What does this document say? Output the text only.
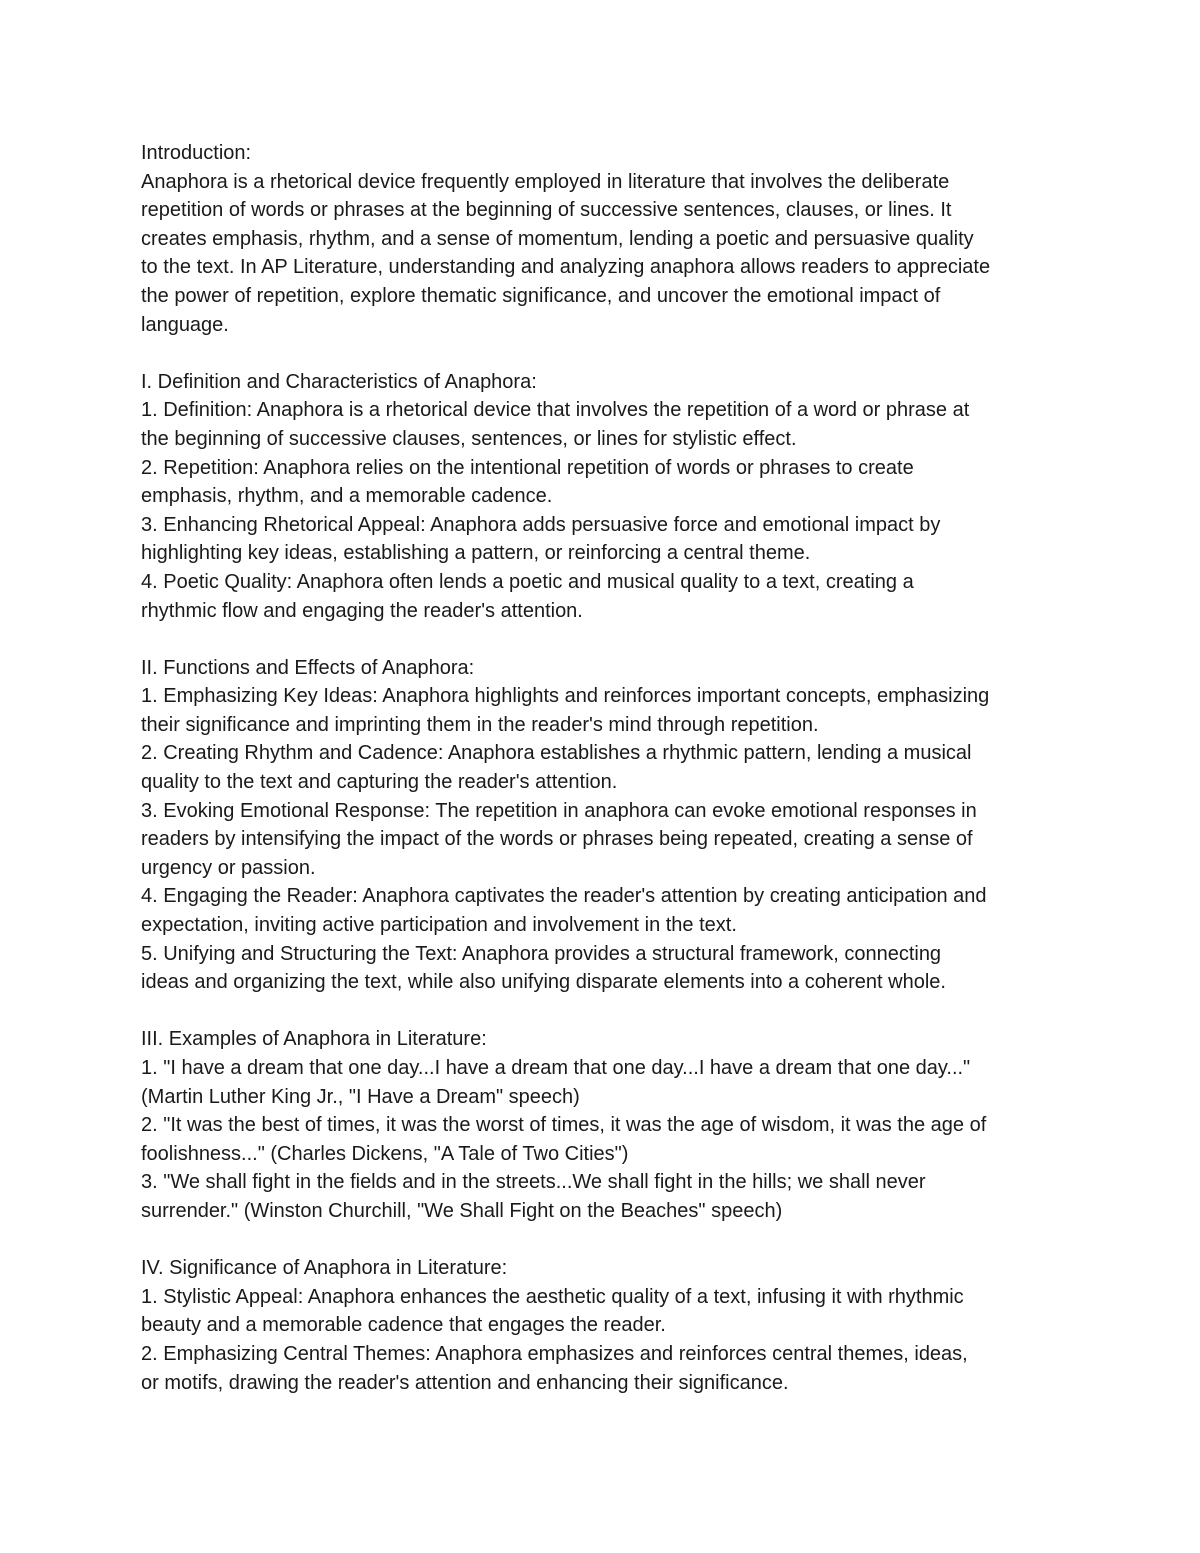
Introduction:
Anaphora is a rhetorical device frequently employed in literature that involves the deliberate
repetition of words or phrases at the beginning of successive sentences, clauses, or lines. It
creates emphasis, rhythm, and a sense of momentum, lending a poetic and persuasive quality
to the text. In AP Literature, understanding and analyzing anaphora allows readers to appreciate
the power of repetition, explore thematic significance, and uncover the emotional impact of
language.
I. Definition and Characteristics of Anaphora:
1. Definition: Anaphora is a rhetorical device that involves the repetition of a word or phrase at
the beginning of successive clauses, sentences, or lines for stylistic effect.
2. Repetition: Anaphora relies on the intentional repetition of words or phrases to create
emphasis, rhythm, and a memorable cadence.
3. Enhancing Rhetorical Appeal: Anaphora adds persuasive force and emotional impact by
highlighting key ideas, establishing a pattern, or reinforcing a central theme.
4. Poetic Quality: Anaphora often lends a poetic and musical quality to a text, creating a
rhythmic flow and engaging the reader's attention.
II. Functions and Effects of Anaphora:
1. Emphasizing Key Ideas: Anaphora highlights and reinforces important concepts, emphasizing
their significance and imprinting them in the reader's mind through repetition.
2. Creating Rhythm and Cadence: Anaphora establishes a rhythmic pattern, lending a musical
quality to the text and capturing the reader's attention.
3. Evoking Emotional Response: The repetition in anaphora can evoke emotional responses in
readers by intensifying the impact of the words or phrases being repeated, creating a sense of
urgency or passion.
4. Engaging the Reader: Anaphora captivates the reader's attention by creating anticipation and
expectation, inviting active participation and involvement in the text.
5. Unifying and Structuring the Text: Anaphora provides a structural framework, connecting
ideas and organizing the text, while also unifying disparate elements into a coherent whole.
III. Examples of Anaphora in Literature:
1. "I have a dream that one day...I have a dream that one day...I have a dream that one day..."
(Martin Luther King Jr., "I Have a Dream" speech)
2. "It was the best of times, it was the worst of times, it was the age of wisdom, it was the age of
foolishness..." (Charles Dickens, "A Tale of Two Cities")
3. "We shall fight in the fields and in the streets...We shall fight in the hills; we shall never
surrender." (Winston Churchill, "We Shall Fight on the Beaches" speech)
IV. Significance of Anaphora in Literature:
1. Stylistic Appeal: Anaphora enhances the aesthetic quality of a text, infusing it with rhythmic
beauty and a memorable cadence that engages the reader.
2. Emphasizing Central Themes: Anaphora emphasizes and reinforces central themes, ideas,
or motifs, drawing the reader's attention and enhancing their significance.
